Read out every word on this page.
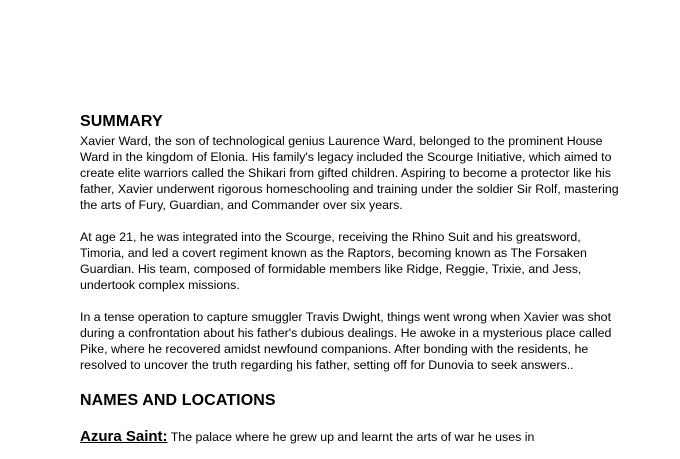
SUMMARY

Xavier Ward, the son of technological genius Laurence Ward, belonged to the prominent House Ward in the kingdom of Elonia. His family's legacy included the Scourge Initiative, which aimed to create elite warriors called the Shikari from gifted children. Aspiring to become a protector like his father, Xavier underwent rigorous homeschooling and training under the soldier Sir Rolf, mastering the arts of Fury, Guardian, and Commander over six years.

At age 21, he was integrated into the Scourge, receiving the Rhino Suit and his greatsword, Timoria, and led a covert regiment known as the Raptors, becoming known as The Forsaken Guardian. His team, composed of formidable members like Ridge, Reggie, Trixie, and Jess, undertook complex missions.

In a tense operation to capture smuggler Travis Dwight, things went wrong when Xavier was shot during a confrontation about his father's dubious dealings. He awoke in a mysterious place called Pike, where he recovered amidst newfound companions. After bonding with the residents, he resolved to uncover the truth regarding his father, setting off for Dunovia to seek answers..

NAMES AND LOCATIONS
Azura Saint: The palace where he grew up and learnt the arts of war he uses in
